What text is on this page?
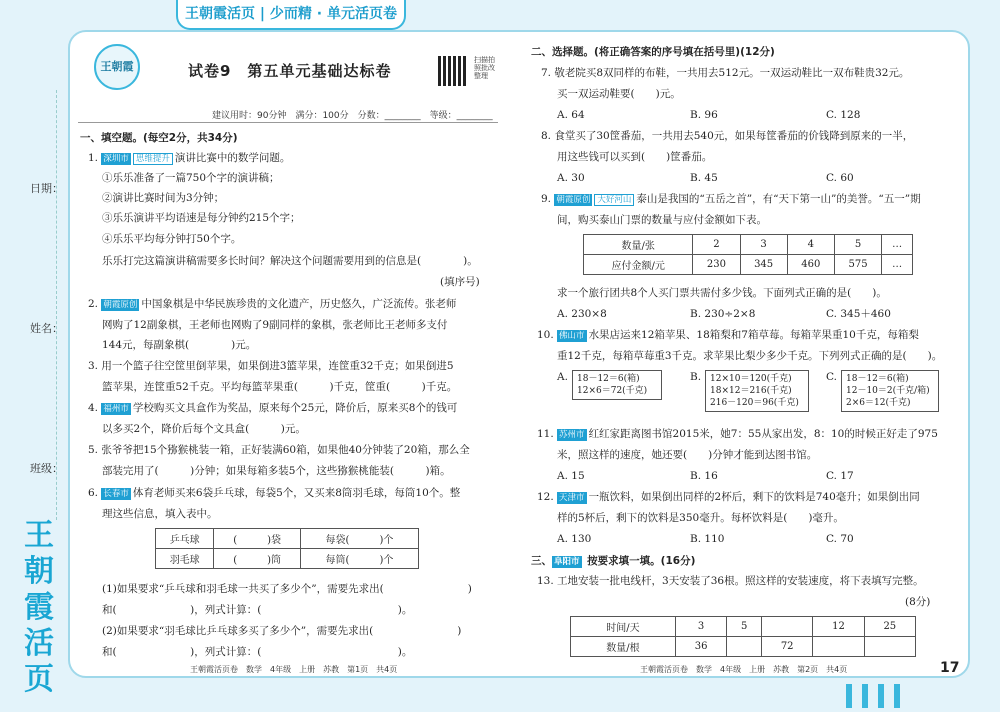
王朝霞活页 | 少而精 · 单元活页卷
日期：
姓名：
班级：
王朝霞活页
王朝霞	试卷9　第五单元基础达标卷
扫描拍照批改整理
建议用时：90分钟　满分：100分　分数：________　等级：________
一、填空题。(每空2分，共34分)
1. 深圳市 思维提升 演讲比赛中的数学问题。
①乐乐准备了一篇750个字的演讲稿；
②演讲比赛时间为3分钟；
③乐乐演讲平均语速是每分钟约215个字；
④乐乐平均每分钟打50个字。
乐乐打完这篇演讲稿需要多长时间？解决这个问题需要用到的信息是(　　　　)。
(填序号)
2. 朝霞原创 中国象棋是中华民族珍贵的文化遗产，历史悠久，广泛流传。张老师
网购了12副象棋，王老师也网购了9副同样的象棋，张老师比王老师多支付
144元，每副象棋(　　　　)元。
3. 用一个篮子往空筐里倒苹果，如果倒进3篮苹果，连筐重32千克；如果倒进5
篮苹果，连筐重52千克。平均每篮苹果重(　　　)千克，筐重(　　　)千克。
4. 福州市 学校购买文具盒作为奖品，原来每个25元，降价后，原来买8个的钱可
以多买2个，降价后每个文具盒(　　　)元。
5. 张爷爷把15个猕猴桃装一箱，正好装满60箱，如果他40分钟装了20箱，那么全
部装完用了(　　　)分钟；如果每箱多装5个，这些猕猴桃能装(　　　)箱。
6. 长春市 体育老师买来6袋乒乓球，每袋5个，又买来8筒羽毛球，每筒10个。整
理这些信息，填入表中。
乒乓球	(　　　)袋	每袋(　　　)个
羽毛球	(　　　)筒	每筒(　　　)个
(1)如果要求“乒乓球和羽毛球一共买了多少个”，需要先求出(　　　　　　　　)
和(　　　　　　　)，列式计算：(　　　　　　　　　　　　　)。
(2)如果要求“羽毛球比乒乓球多买了多少个”，需要先求出(　　　　　　　　)
和(　　　　　　　)，列式计算：(　　　　　　　　　　　　　)。
王朝霞活页卷　数学　4年级　上册　苏教　第1页　共4页
二、选择题。(将正确答案的序号填在括号里)(12分)
7. 敬老院买8双同样的布鞋，一共用去512元。一双运动鞋比一双布鞋贵32元。
买一双运动鞋要(　　)元。
A. 64	B. 96	C. 128
8. 食堂买了30筐番茄，一共用去540元，如果每筐番茄的价钱降到原来的一半，
用这些钱可以买到(　　)筐番茄。
A. 30	B. 45	C. 60
9. 朝霞原创 大好河山 泰山是我国的“五岳之首”，有“天下第一山”的美誉。“五一”期
间，购买泰山门票的数量与应付金额如下表。
数量/张	2	3	4	5	…
应付金额/元	230	345	460	575	…
求一个旅行团共8个人买门票共需付多少钱。下面列式正确的是(　　)。
A. 230×8	B. 230÷2×8	C. 345＋460
10. 佛山市 水果店运来12箱苹果、18箱梨和7箱草莓。每箱苹果重10千克，每箱梨
重12千克，每箱草莓重3千克。求苹果比梨少多少千克。下列列式正确的是(　　)。
A. 18－12＝6(箱)
12×6＝72(千克)
B. 12×10＝120(千克)
18×12＝216(千克)
216－120＝96(千克)
C. 18－12＝6(箱)
12－10＝2(千克/箱)
2×6＝12(千克)
11. 苏州市 红红家距离图书馆2015米，她7：55从家出发，8：10的时候正好走了975
米，照这样的速度，她还要(　　)分钟才能到达图书馆。
A. 15	B. 16	C. 17
12. 天津市 一瓶饮料，如果倒出同样的2杯后，剩下的饮料是740毫升；如果倒出同
样的5杯后，剩下的饮料是350毫升。每杯饮料是(　　)毫升。
A. 130	B. 110	C. 70
三、 阜阳市 按要求填一填。(16分)
13. 工地安装一批电线杆，3天安装了36根。照这样的安装速度，将下表填写完整。
(8分)
时间/天	3	5		12	25
数量/根	36		72		
王朝霞活页卷　数学　4年级　上册　苏教　第2页　共4页	17
